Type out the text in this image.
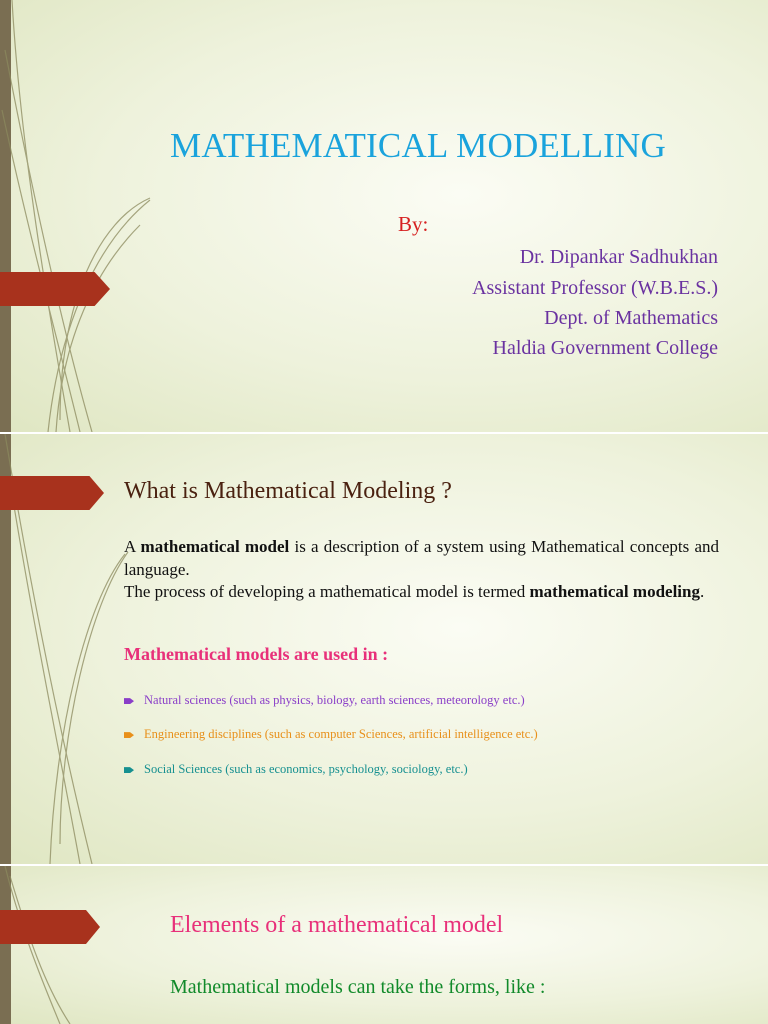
MATHEMATICAL MODELLING
By:
Dr. Dipankar Sadhukhan
Assistant Professor (W.B.E.S.)
Dept. of Mathematics
Haldia Government College
What is Mathematical Modeling ?

A mathematical model is a description of a system using Mathematical concepts and language.

The process of developing a mathematical model is termed mathematical modeling.

Mathematical models are used in :
Natural sciences (such as physics, biology, earth sciences, meteorology etc.)
Engineering disciplines (such as computer Sciences, artificial intelligence etc.)
Social Sciences (such as economics, psychology, sociology, etc.)
Elements of a mathematical model
Mathematical models can take the forms, like :
